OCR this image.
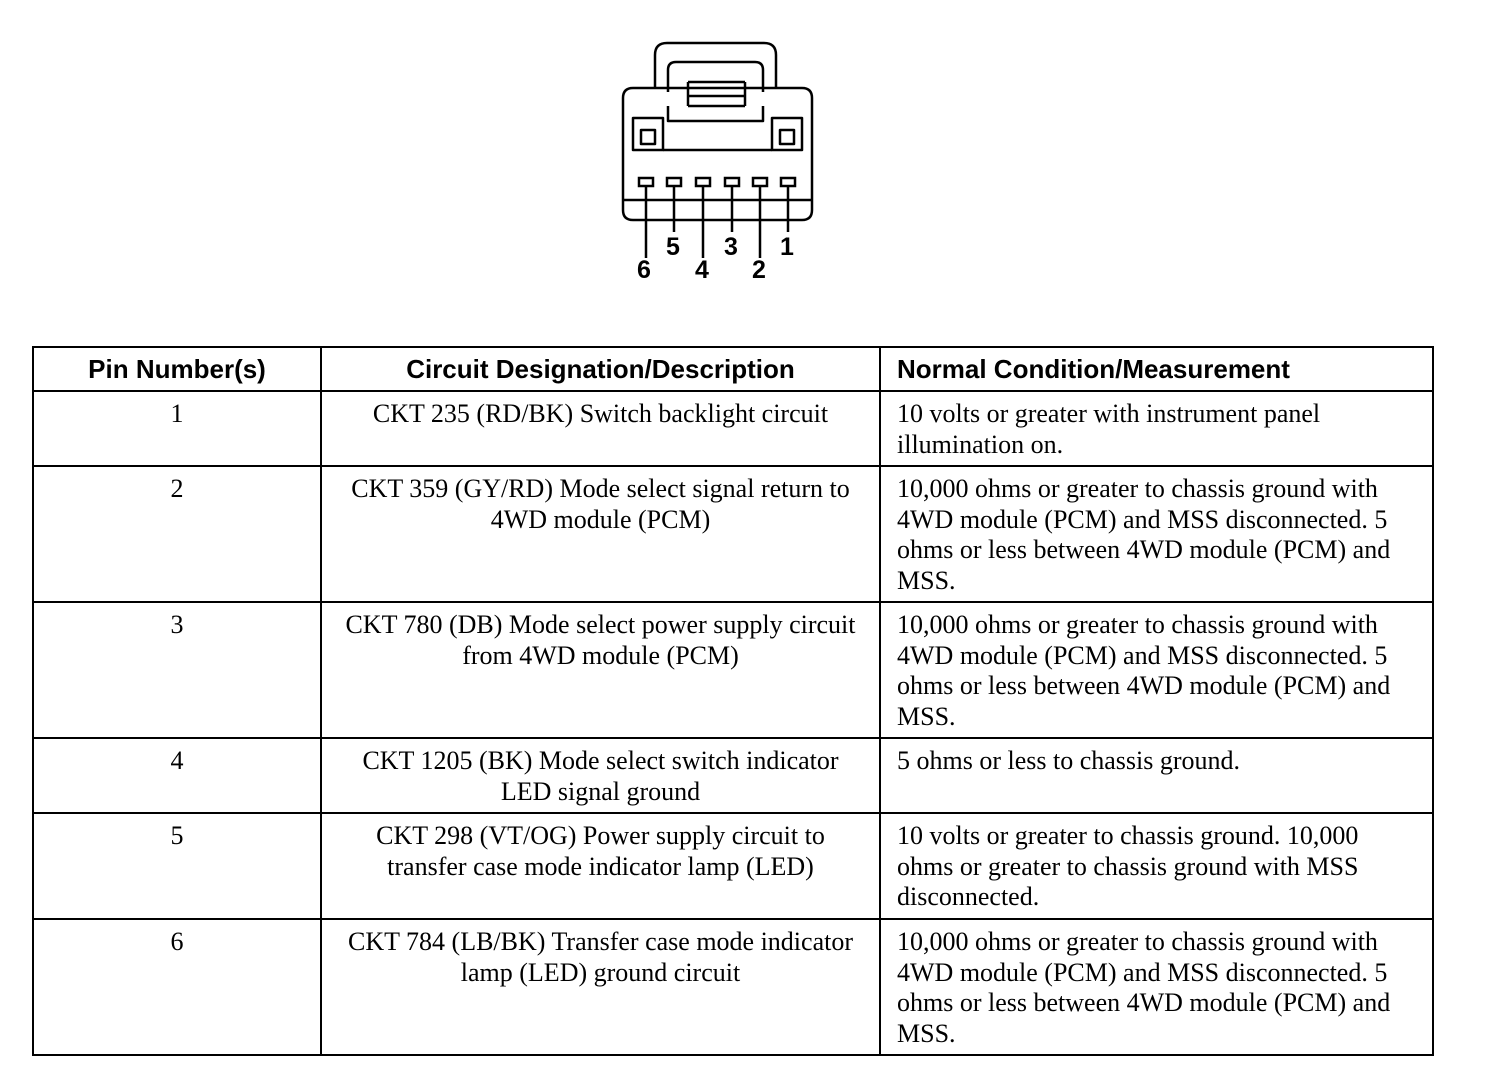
6
5
4
3
2
1
Pin Number(s)	Circuit Designation/Description	Normal Condition/Measurement
1	CKT 235 (RD/BK) Switch backlight circuit	10 volts or greater with instrument panel illumination on.
2	CKT 359 (GY/RD) Mode select signal return to 4WD module (PCM)	10,000 ohms or greater to chassis ground with 4WD module (PCM) and MSS disconnected. 5 ohms or less between 4WD module (PCM) and MSS.
3	CKT 780 (DB) Mode select power supply circuit from 4WD module (PCM)	10,000 ohms or greater to chassis ground with 4WD module (PCM) and MSS disconnected. 5 ohms or less between 4WD module (PCM) and MSS.
4	CKT 1205 (BK) Mode select switch indicator LED signal ground	5 ohms or less to chassis ground.
5	CKT 298 (VT/OG) Power supply circuit to transfer case mode indicator lamp (LED)	10 volts or greater to chassis ground. 10,000 ohms or greater to chassis ground with MSS disconnected.
6	CKT 784 (LB/BK) Transfer case mode indicator lamp (LED) ground circuit	10,000 ohms or greater to chassis ground with 4WD module (PCM) and MSS disconnected. 5 ohms or less between 4WD module (PCM) and MSS.
